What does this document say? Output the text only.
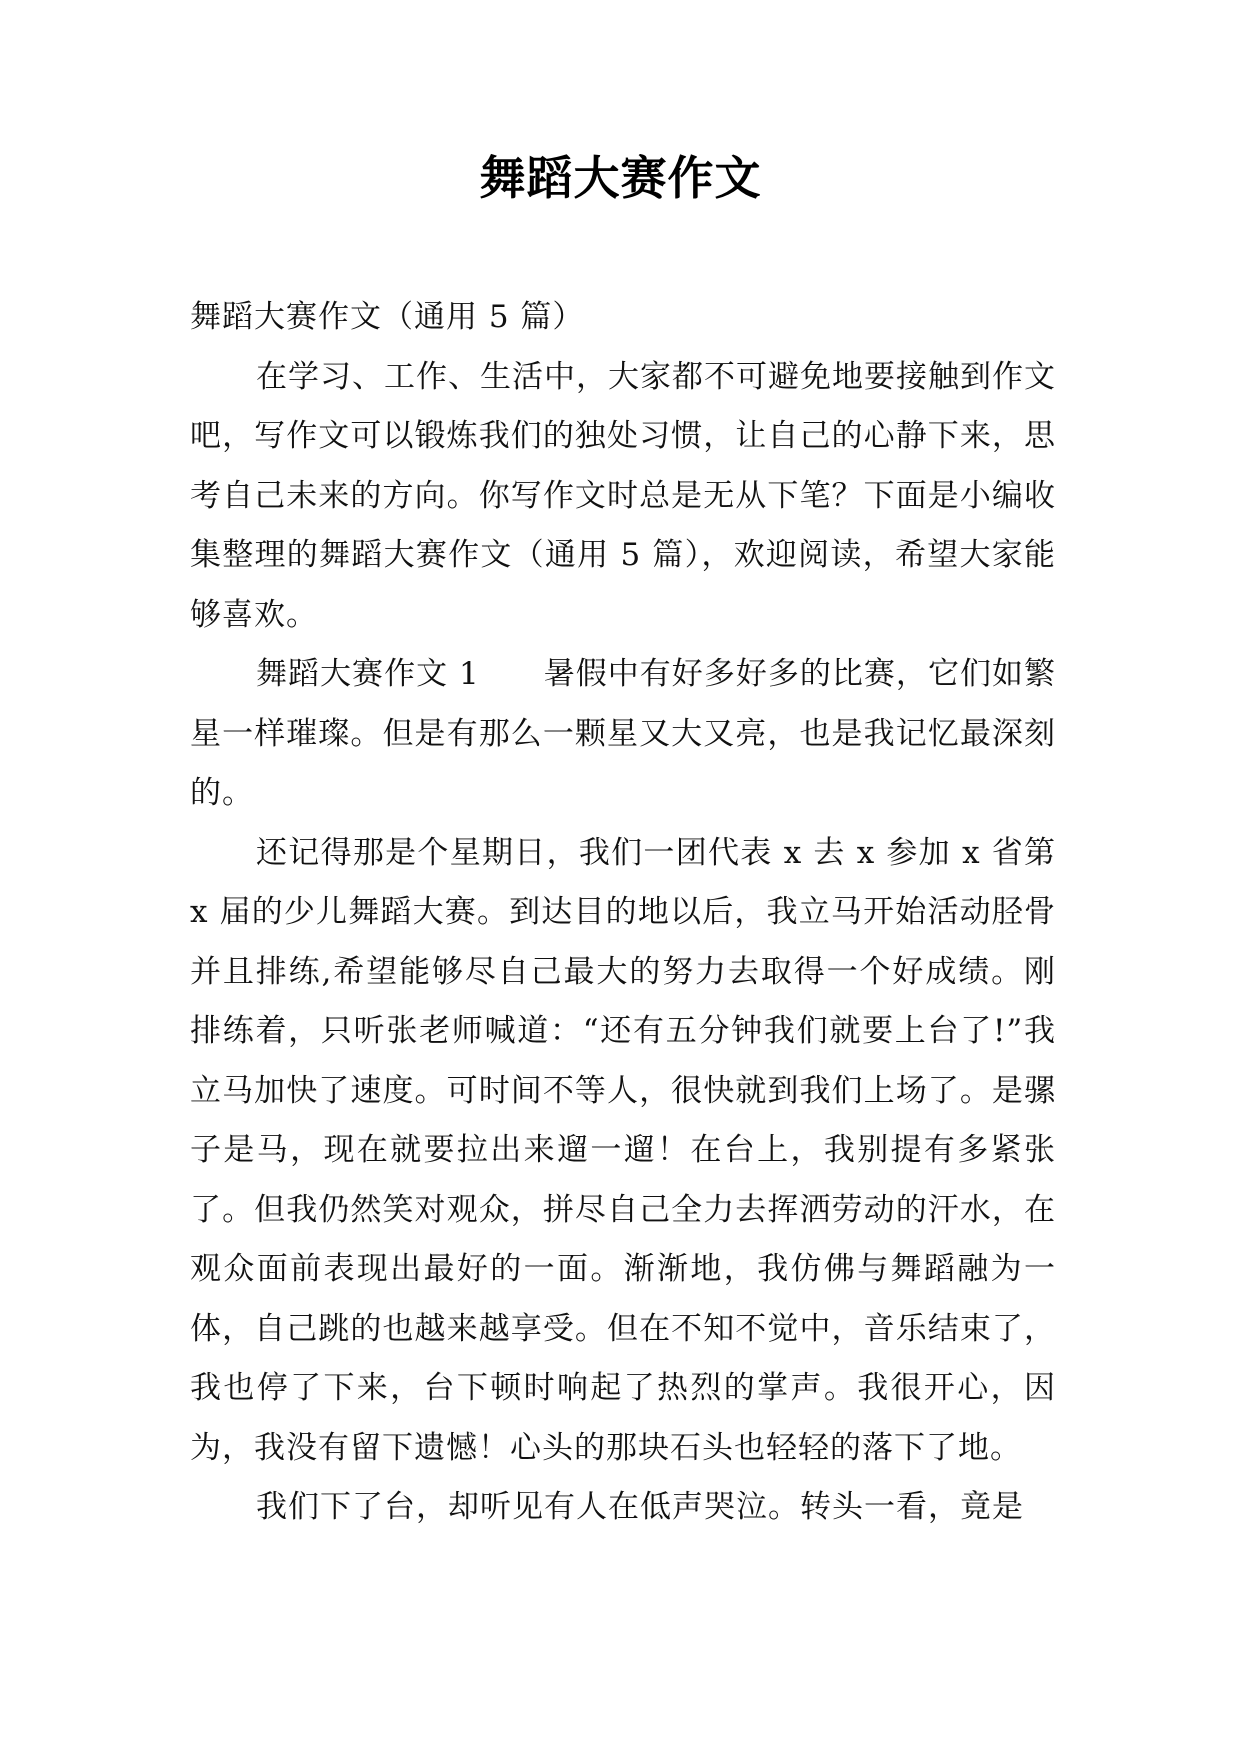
舞蹈大赛作文

舞蹈大赛作文（通用 5 篇）

在学习、工作、生活中，大家都不可避免地要接触到作文吧，写作文可以锻炼我们的独处习惯，让自己的心静下来，思考自己未来的方向。你写作文时总是无从下笔？下面是小编收集整理的舞蹈大赛作文（通用 5 篇），欢迎阅读，希望大家能够喜欢。

舞蹈大赛作文 1　　暑假中有好多好多的比赛，它们如繁星一样璀璨。但是有那么一颗星又大又亮，也是我记忆最深刻的。

还记得那是个星期日，我们一团代表 x 去 x 参加 x 省第 x 届的少儿舞蹈大赛。到达目的地以后，我立马开始活动胫骨并且排练,希望能够尽自己最大的努力去取得一个好成绩。刚排练着，只听张老师喊道：“还有五分钟我们就要上台了!”我立马加快了速度。可时间不等人，很快就到我们上场了。是骡子是马，现在就要拉出来遛一遛！在台上，我别提有多紧张了。但我仍然笑对观众，拼尽自己全力去挥洒劳动的汗水，在观众面前表现出最好的一面。渐渐地，我仿佛与舞蹈融为一体，自己跳的也越来越享受。但在不知不觉中，音乐结束了，我也停了下来，台下顿时响起了热烈的掌声。我很开心，因为，我没有留下遗憾！心头的那块石头也轻轻的落下了地。

我们下了台，却听见有人在低声哭泣。转头一看，竟是
